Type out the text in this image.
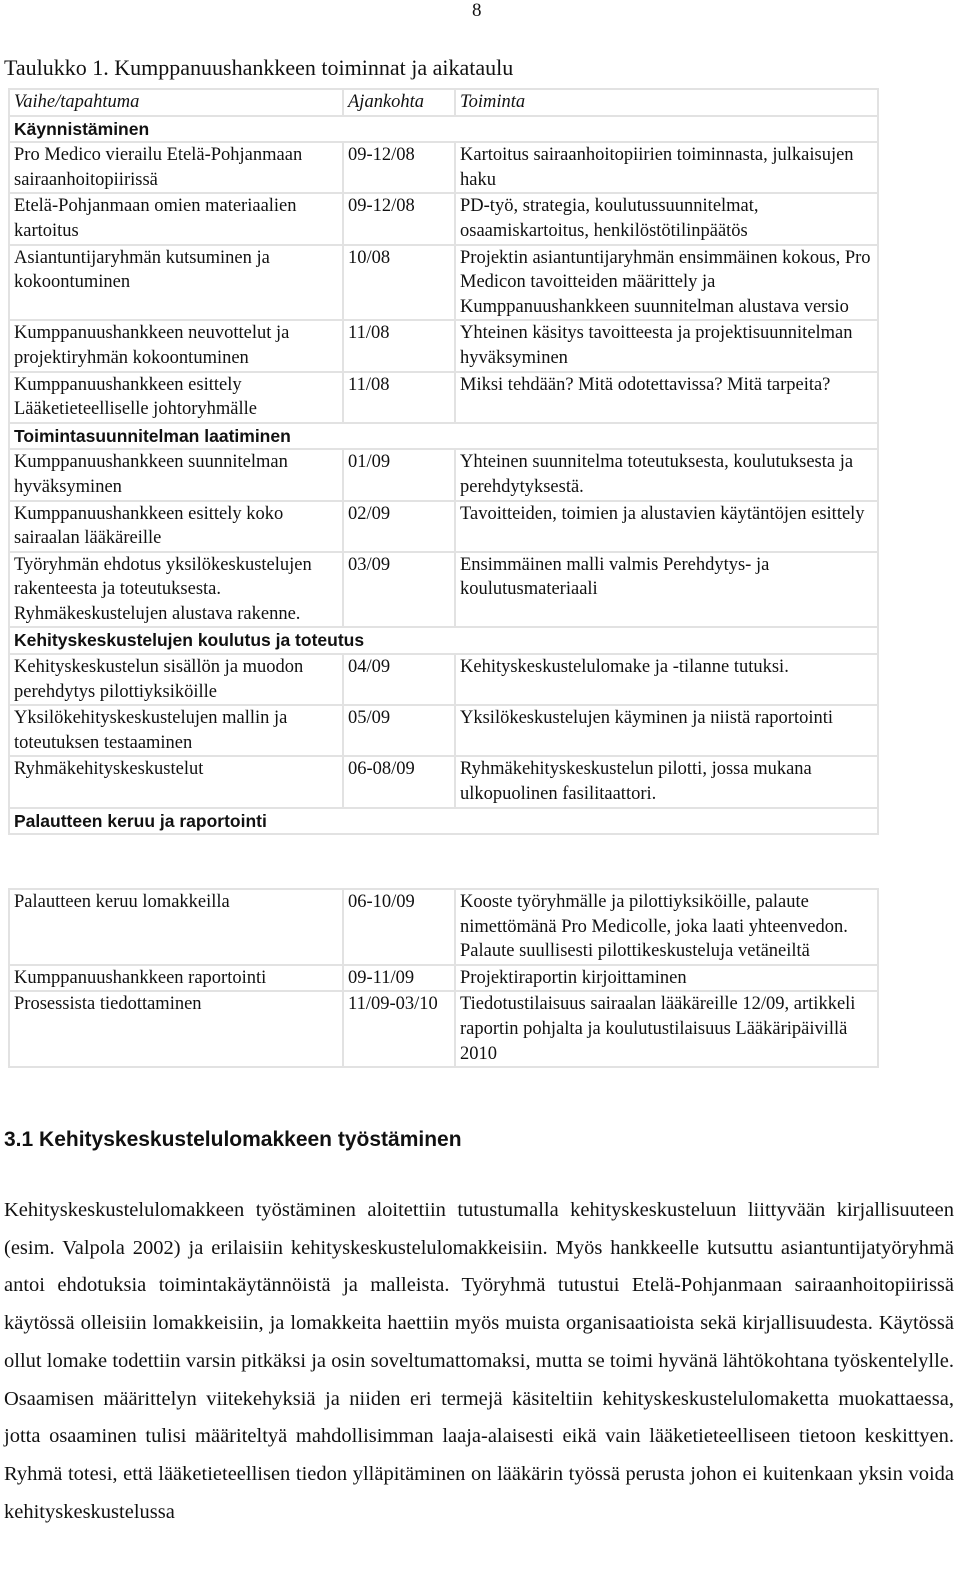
8
Taulukko 1. Kumppanuushankkeen toiminnat ja aikataulu
Vaihe/tapahtuma	Ajankohta	Toiminta
Käynnistäminen		
Pro Medico vierailu Etelä-Pohjanmaan sairaanhoitopiirissä	09-12/08	Kartoitus sairaanhoitopiirien toiminnasta, julkaisujen haku
Etelä-Pohjanmaan omien materiaalien kartoitus	09-12/08	PD-työ, strategia, koulutussuunnitelmat, osaamiskartoitus, henkilöstötilinpäätös
Asiantuntijaryhmän kutsuminen ja kokoontuminen	10/08	Projektin asiantuntijaryhmän ensimmäinen kokous, Pro Medicon tavoitteiden määrittely ja Kumppanuushankkeen suunnitelman alustava versio
Kumppanuushankkeen neuvottelut ja projektiryhmän kokoontuminen	11/08	Yhteinen käsitys tavoitteesta ja projektisuunnitelman hyväksyminen
Kumppanuushankkeen esittely Lääketieteelliselle johtoryhmälle	11/08	Miksi tehdään? Mitä odotettavissa? Mitä tarpeita?
Toimintasuunnitelman laatiminen		
Kumppanuushankkeen suunnitelman hyväksyminen	01/09	Yhteinen suunnitelma toteutuksesta, koulutuksesta ja perehdytyksestä.
Kumppanuushankkeen esittely koko sairaalan lääkäreille	02/09	Tavoitteiden, toimien ja alustavien käytäntöjen esittely
Työryhmän ehdotus yksilökeskustelujen rakenteesta ja toteutuksesta. Ryhmäkeskustelujen alustava rakenne.	03/09	Ensimmäinen malli valmis Perehdytys- ja koulutusmateriaali
Kehityskeskustelujen koulutus ja toteutus		
Kehityskeskustelun sisällön ja muodon perehdytys pilottiyksiköille	04/09	Kehityskeskustelulomake ja -tilanne tutuksi.
Yksilökehityskeskustelujen mallin ja toteutuksen testaaminen	05/09	Yksilökeskustelujen käyminen ja niistä raportointi
Ryhmäkehityskeskustelut	06-08/09	Ryhmäkehityskeskustelun pilotti, jossa mukana ulkopuolinen fasilitaattori.
Palautteen keruu ja raportointi		
Palautteen keruu lomakkeilla	06-10/09	Kooste työryhmälle ja pilottiyksiköille, palaute nimettömänä Pro Medicolle, joka laati yhteenvedon. Palaute suullisesti pilottikeskusteluja vetäneiltä
Kumppanuushankkeen raportointi	09-11/09	Projektiraportin kirjoittaminen
Prosessista tiedottaminen	11/09-03/10	Tiedotustilaisuus sairaalan lääkäreille 12/09, artikkeli raportin pohjalta ja koulutustilaisuus Lääkäripäivillä 2010
3.1 Kehityskeskustelulomakkeen työstäminen
Kehityskeskustelulomakkeen työstäminen aloitettiin tutustumalla kehityskeskusteluun liittyvään kirjallisuuteen (esim. Valpola 2002) ja erilaisiin kehityskeskustelulomakkeisiin. Myös hankkeelle kutsuttu asiantuntijatyöryhmä antoi ehdotuksia toimintakäytännöistä ja malleista. Työryhmä tutustui Etelä-Pohjanmaan sairaanhoitopiirissä käytössä olleisiin lomakkeisiin, ja lomakkeita haettiin myös muista organisaatioista sekä kirjallisuudesta. Käytössä ollut lomake todettiin varsin pitkäksi ja osin soveltumattomaksi, mutta se toimi hyvänä lähtökohtana työskentelylle. Osaamisen määrittelyn viitekehyksiä ja niiden eri termejä käsiteltiin kehityskeskustelulomaketta muokattaessa, jotta osaaminen tulisi määriteltyä mahdollisimman laaja-alaisesti eikä vain lääketieteelliseen tietoon keskittyen. Ryhmä totesi, että lääketieteellisen tiedon ylläpitäminen on lääkärin työssä perusta johon ei kuitenkaan yksin voida kehityskeskustelussa
